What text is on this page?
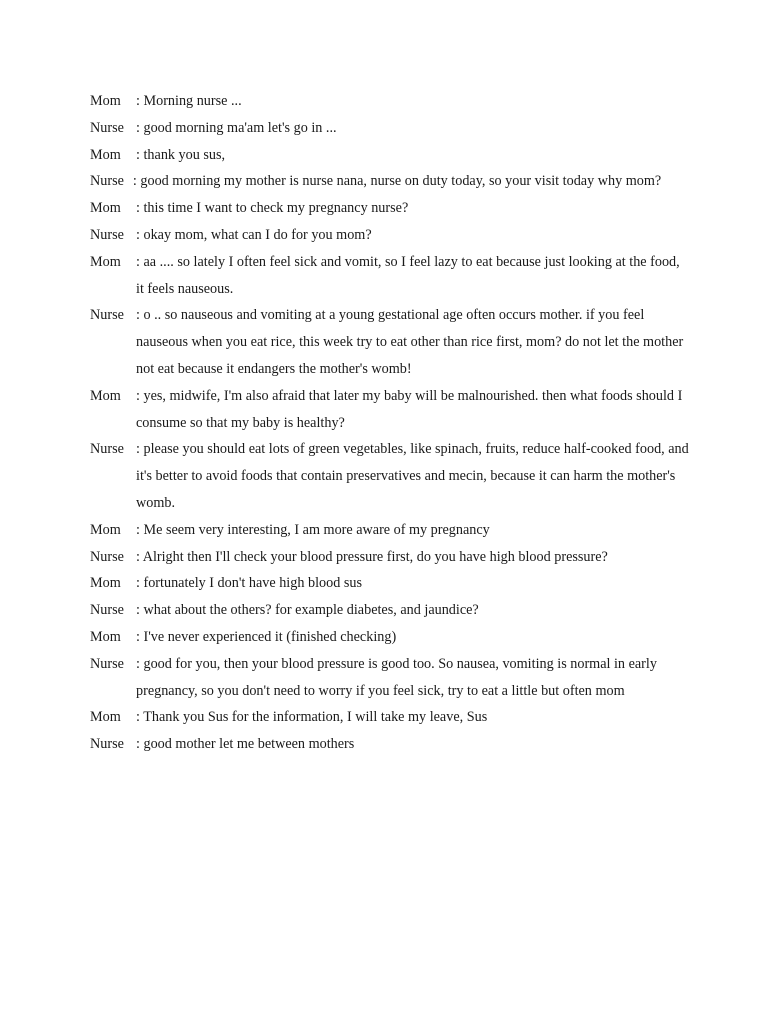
Mom : Morning nurse ...

Nurse : good morning ma'am let's go in ...

Mom : thank you sus,

Nurse : good morning my mother is nurse nana, nurse on duty today, so your visit today why mom?

Mom : this time I want to check my pregnancy nurse?

Nurse : okay mom, what can I do for you mom?

Mom : aa .... so lately I often feel sick and vomit, so I feel lazy to eat because just looking at the food, it feels nauseous.

Nurse : o .. so nauseous and vomiting at a young gestational age often occurs mother. if you feel nauseous when you eat rice, this week try to eat other than rice first, mom? do not let the mother not eat because it endangers the mother's womb!

Mom : yes, midwife, I'm also afraid that later my baby will be malnourished. then what foods should I consume so that my baby is healthy?

Nurse : please you should eat lots of green vegetables, like spinach, fruits, reduce half-cooked food, and it's better to avoid foods that contain preservatives and mecin, because it can harm the mother's womb.

Mom : Me seem very interesting, I am more aware of my pregnancy

Nurse : Alright then I'll check your blood pressure first, do you have high blood pressure?

Mom : fortunately I don't have high blood sus

Nurse : what about the others? for example diabetes, and jaundice?

Mom : I've never experienced it (finished checking)

Nurse : good for you, then your blood pressure is good too. So nausea, vomiting is normal in early pregnancy, so you don't need to worry if you feel sick, try to eat a little but often mom

Mom : Thank you Sus for the information, I will take my leave, Sus

Nurse : good mother let me between mothers
